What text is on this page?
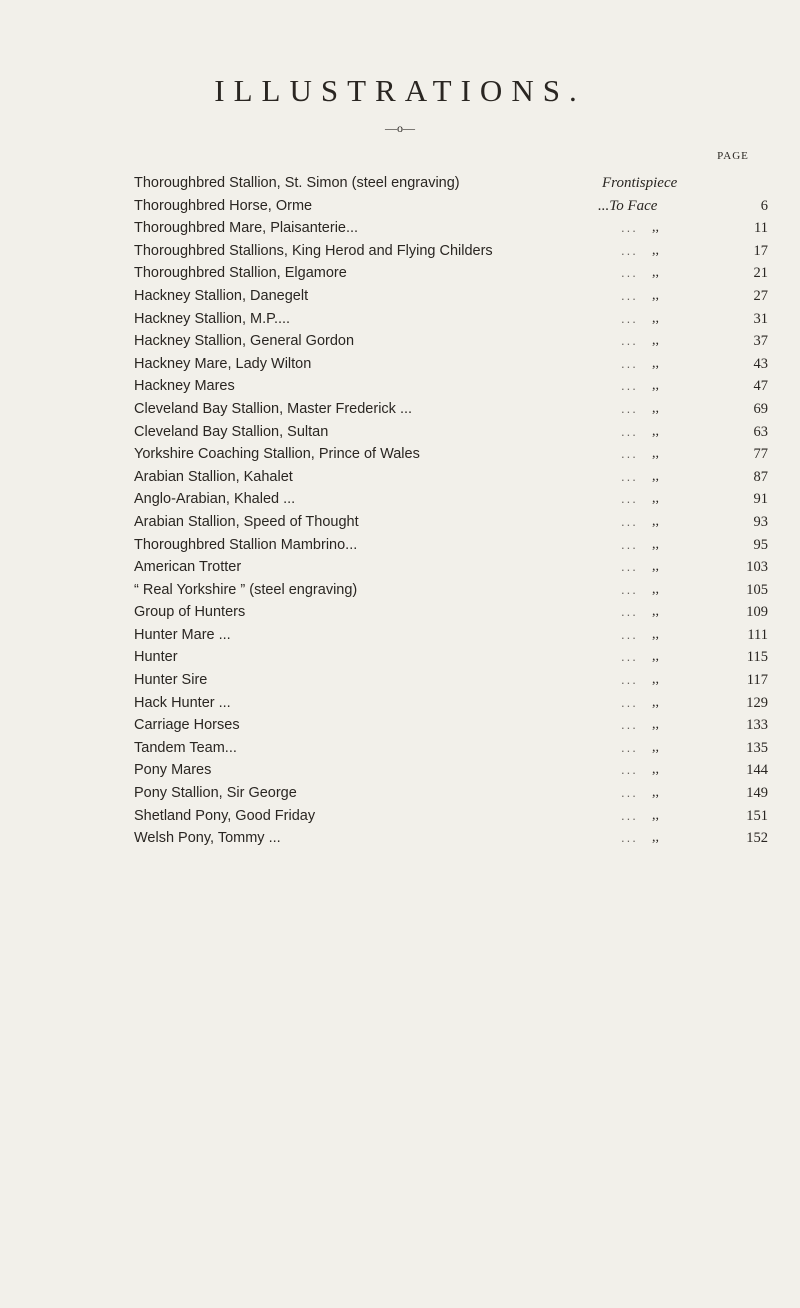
ILLUSTRATIONS.
—o—
PAGE
Thoroughbred Stallion, St. Simon (steel engraving)	Frontispiece
Thoroughbred Horse, Orme	...To Face	6
Thoroughbred Mare, Plaisanterie...	... ,,	11
Thoroughbred Stallions, King Herod and Flying Childers	... ,,	17
Thoroughbred Stallion, Elgamore	... ,,	21
Hackney Stallion, Danegelt	... ,,	27
Hackney Stallion, M.P....	... ,,	31
Hackney Stallion, General Gordon	... ,,	37
Hackney Mare, Lady Wilton	... ,,	43
Hackney Mares	... ,,	47
Cleveland Bay Stallion, Master Frederick ...	... ,,	69
Cleveland Bay Stallion, Sultan	... ,,	63
Yorkshire Coaching Stallion, Prince of Wales	... ,,	77
Arabian Stallion, Kahalet	... ,,	87
Anglo-Arabian, Khaled ...	... ,,	91
Arabian Stallion, Speed of Thought	... ,,	93
Thoroughbred Stallion Mambrino...	... ,,	95
American Trotter	... ,,	103
“ Real Yorkshire ” (steel engraving)	... ,,	105
Group of Hunters	... ,,	109
Hunter Mare ...	... ,,	111
Hunter	... ,,	115
Hunter Sire	... ,,	117
Hack Hunter ...	... ,,	129
Carriage Horses	... ,,	133
Tandem Team...	... ,,	135
Pony Mares	... ,,	144
Pony Stallion, Sir George	... ,,	149
Shetland Pony, Good Friday	... ,,	151
Welsh Pony, Tommy ...	... ,,	152
